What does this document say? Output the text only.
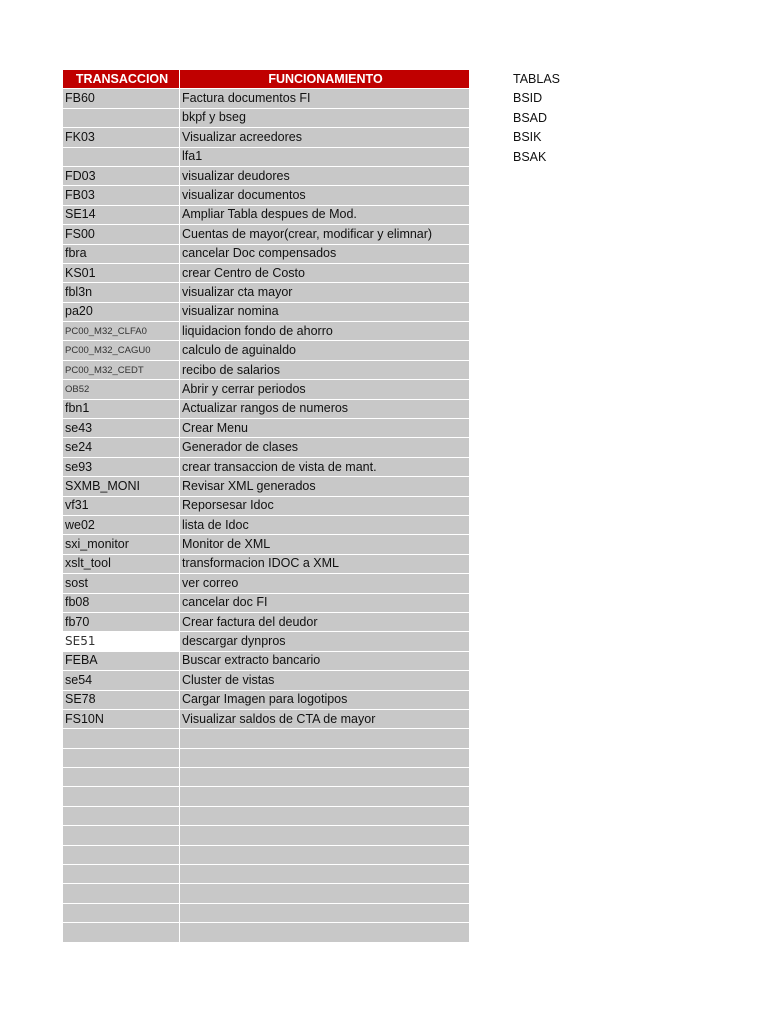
TRANSACCION	FUNCIONAMIENTO
FB60	Factura documentos FI
	bkpf y bseg
FK03	Visualizar acreedores
	lfa1
FD03	visualizar deudores
FB03	visualizar documentos
SE14	Ampliar Tabla despues de Mod.
FS00	Cuentas de mayor(crear, modificar y elimnar)
fbra	cancelar Doc compensados
KS01	crear Centro de Costo
fbl3n	visualizar cta mayor
pa20	visualizar nomina
PC00_M32_CLFA0	liquidacion fondo de ahorro
PC00_M32_CAGU0	calculo de aguinaldo
PC00_M32_CEDT	recibo de salarios
OB52	Abrir y cerrar periodos
fbn1	Actualizar rangos de numeros
se43	Crear Menu
se24	Generador de clases
se93	crear transaccion de vista de mant.
SXMB_MONI	Revisar XML generados
vf31	Reporsesar Idoc
we02	lista de Idoc
sxi_monitor	Monitor de XML
xslt_tool	transformacion IDOC a XML
sost	ver correo
fb08	cancelar doc FI
fb70	Crear factura del deudor
SE51	descargar dynpros
FEBA	Buscar extracto bancario
se54	Cluster de vistas
SE78	Cargar Imagen para logotipos
FS10N	Visualizar saldos de CTA de mayor

TABLAS
BSID
BSAD
BSIK
BSAK
